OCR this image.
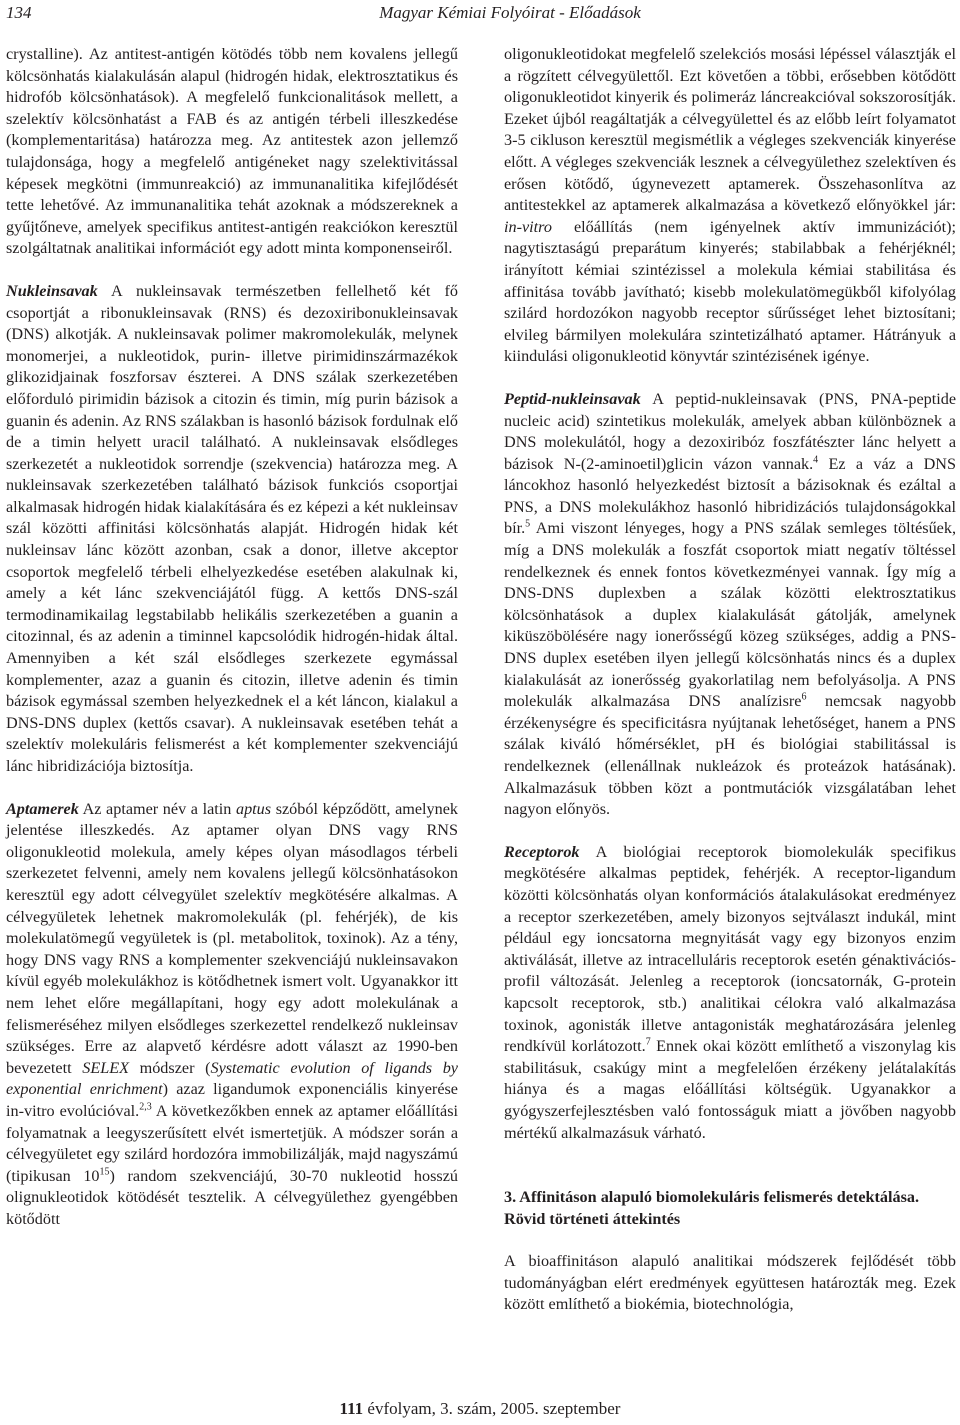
134	Magyar Kémiai Folyóirat - Előadások

crystalline). Az antitest-antigén kötödés több nem kovalens jellegű kölcsönhatás kialakulásán alapul (hidrogén hidak, elektrosztatikus és hidrofób kölcsönhatások). A megfelelő funkcionalitások mellett, a szelektív kölcsönhatást a FAB és az antigén térbeli illeszkedése (komplementaritása) határozza meg. Az antitestek azon jellemző tulajdonsága, hogy a megfelelő antigéneket nagy szelektivitással képesek megkötni (immunreakció) az immunanalitika kifejlődését tette lehetővé. Az immunanalitika tehát azoknak a módszereknek a gyűjtőneve, amelyek specifikus antitest-antigén reakciókon keresztül szolgáltatnak analitikai információt egy adott minta komponenseiről.

Nukleinsavak A nukleinsavak természetben fellelhető két fő csoportját a ribonukleinsavak (RNS) és dezoxiribonukleinsavak (DNS) alkotják. A nukleinsavak polimer makromolekulák, melynek monomerjei, a nukleotidok, purin- illetve pirimidinszármazékok glikozidjainak foszforsav észterei. A DNS szálak szerkezetében előfordulό pirimidin bázisok a citozin és timin, míg purin bázisok a guanin és adenin. Az RNS szálakban is hasonló bázisok fordulnak elő de a timin helyett uracil található. A nukleinsavak elsődleges szerkezetét a nukleotidok sorrendje (szekvencia) határozza meg. A nukleinsavak szerkezetében található bázisok funkciós csoportjai alkalmasak hidrogén hidak kialakítására és ez képezi a két nukleinsav szál közötti affinitási kölcsönhatás alapját. Hidrogén hidak két nukleinsav lánc között azonban, csak a donor, illetve akceptor csoportok megfelelő térbeli elhelyezkedése esetében alakulnak ki, amely a két lánc szekvenciájától függ. A kettős DNS-szál termodinamikailag legstabilabb helikális szerkezetében a guanin a citozinnal, és az adenin a timinnel kapcsolódik hidrogén-hidak által. Amennyiben a két szál elsődleges szerkezete egymással komplementer, azaz a guanin és citozin, illetve adenin és timin bázisok egymással szemben helyezkednek el a két láncon, kialakul a DNS-DNS duplex (kettős csavar). A nukleinsavak esetében tehát a szelektív molekuláris felismerést a két komplementer szekvenciájú lánc hibridizációja biztosítja.

Aptamerek Az aptamer név a latin aptus szóból képződött, amelynek jelentése illeszkedés. Az aptamer olyan DNS vagy RNS oligonukleotid molekula, amely képes olyan másodlagos térbeli szerkezetet felvenni, amely nem kovalens jellegű kölcsönhatásokon keresztül egy adott célvegyület szelektív megkötésére alkalmas. A célvegyületek lehetnek makromolekulák (pl. fehérjék), de kis molekulatömegű vegyületek is (pl. metabolitok, toxinok). Az a tény, hogy DNS vagy RNS a komplementer szekvenciájú nukleinsavakon kívül egyéb molekulákhoz is kötődhetnek ismert volt. Ugyanakkor itt nem lehet előre megállapítani, hogy egy adott molekulának a felismeréséhez milyen elsődleges szerkezettel rendelkező nukleinsav szükséges. Erre az alapvető kérdésre adott választ az 1990-ben bevezetett SELEX módszer (Systematic evolution of ligands by exponential enrichment) azaz ligandumok exponenciális kinyerése in-vitro evolúcióval.$^{2,3}$ A következőkben ennek az aptamer előállítási folyamatnak a leegyszerűsített elvét ismertetjük. A módszer során a célvegyületet egy szilárd hordozóra immobilizálják, majd nagyszámú (tipikusan $10^{15}$) random szekvenciájú, 30-70 nukleotid hosszú olignukleotidok kötödését tesztelik. A célvegyülethez gyengébben kötődött

oligonukleotidokat megfelelő szelekciós mosási lépéssel választják el a rögzített célvegyülettől. Ezt követően a többi, erősebben kötődött oligonukleotidot kinyerik és polimeráz láncreakcióval sokszorosítják. Ezeket újból reagáltatják a célvegyülettel és az előbb leírt folyamatot 3-5 cikluson keresztül megismétlik a végleges szekvenciák kinyerése előtt. A végleges szekvenciák lesznek a célvegyülethez szelektíven és erősen kötődő, úgynevezett aptamerek. Összehasonlítva az antitestekkel az aptamerek alkalmazása a következő előnyökkel jár: in-vitro előállítás (nem igényelnek aktív immunizációt); nagytisztaságú preparátum kinyerés; stabilabbak a fehérjéknél; irányított kémiai szintézissel a molekula kémiai stabilitása és affinitása tovább javítható; kisebb molekulatömegükből kifolyólag szilárd hordozókon nagyobb receptor sűrűsséget lehet biztosítani; elvileg bármilyen molekulára szintetizálható aptamer. Hátrányuk a kiindulási oligonukleotid könyvtár szintézisének igénye.

Peptid-nukleinsavak A peptid-nukleinsavak (PNS, PNA-peptide nucleic acid) szintetikus molekulák, amelyek abban különböznek a DNS molekulától, hogy a dezoxiribóz foszfátészter lánc helyett a bázisok N-(2-aminoetil)glicin vázon vannak.$^4$ Ez a váz a DNS láncokhoz hasonló helyezkedést biztosít a bázisoknak és ezáltal a PNS, a DNS molekulákhoz hasonló hibridizációs tulajdonságokkal bír.$^5$ Ami viszont lényeges, hogy a PNS szálak semleges töltésűek, míg a DNS molekulák a foszfát csoportok miatt negatív töltéssel rendelkeznek és ennek fontos következményei vannak. Így míg a DNS-DNS duplexben a szálak közötti elektrosztatikus kölcsönhatások a duplex kialakulását gátolják, amelynek kiküszöbölésére nagy ionerősségű közeg szükséges, addig a PNS-DNS duplex esetében ilyen jellegű kölcsönhatás nincs és a duplex kialakulását az ionerősség gyakorlatilag nem befolyásolja. A PNS molekulák alkalmazása DNS analízisre$^6$ nemcsak nagyobb érzékenységre és specificitásra nyújtanak lehetőséget, hanem a PNS szálak kiváló hőmérséklet, pH és biológiai stabilitással is rendelkeznek (ellenállnak nukleázok és proteázok hatásának). Alkalmazásuk többen közt a pontmutációk vizsgálatában lehet nagyon előnyös.

Receptorok A biológiai receptorok biomolekulák specifikus megkötésére alkalmas peptidek, fehérjék. A receptor-ligandum közötti kölcsönhatás olyan konformációs átalakulásokat eredményez a receptor szerkezetében, amely bizonyos sejtválaszt indukál, mint például egy ioncsatorna megnyitását vagy egy bizonyos enzim aktiválását, illetve az intracelluláris receptorok esetén génaktivációs-profil változását. Jelenleg a receptorok (ioncsatornák, G-protein kapcsolt receptorok, stb.) analitikai célokra való alkalmazása toxinok, agonisták illetve antagonisták meghatározására jelenleg rendkívül korlátozott.$^7$ Ennek okai között említhető a viszonylag kis stabilitásuk, csakúgy mint a megfelelően érzékeny jelátalakítás hiánya és a magas előállítási költségük. Ugyanakkor a gyógyszerfejlesztésben való fontosságuk miatt a jövőben nagyobb mértékű alkalmazásuk várható.

3. Affinitáson alapuló biomolekuláris felismerés detektálása. Rövid történeti áttekintés

A bioaffinitáson alapuló analitikai módszerek fejlődését több tudományágban elért eredmények együttesen határozták meg. Ezek között említhető a biokémia, biotechnológia,

111 évfolyam, 3. szám, 2005. szeptember
